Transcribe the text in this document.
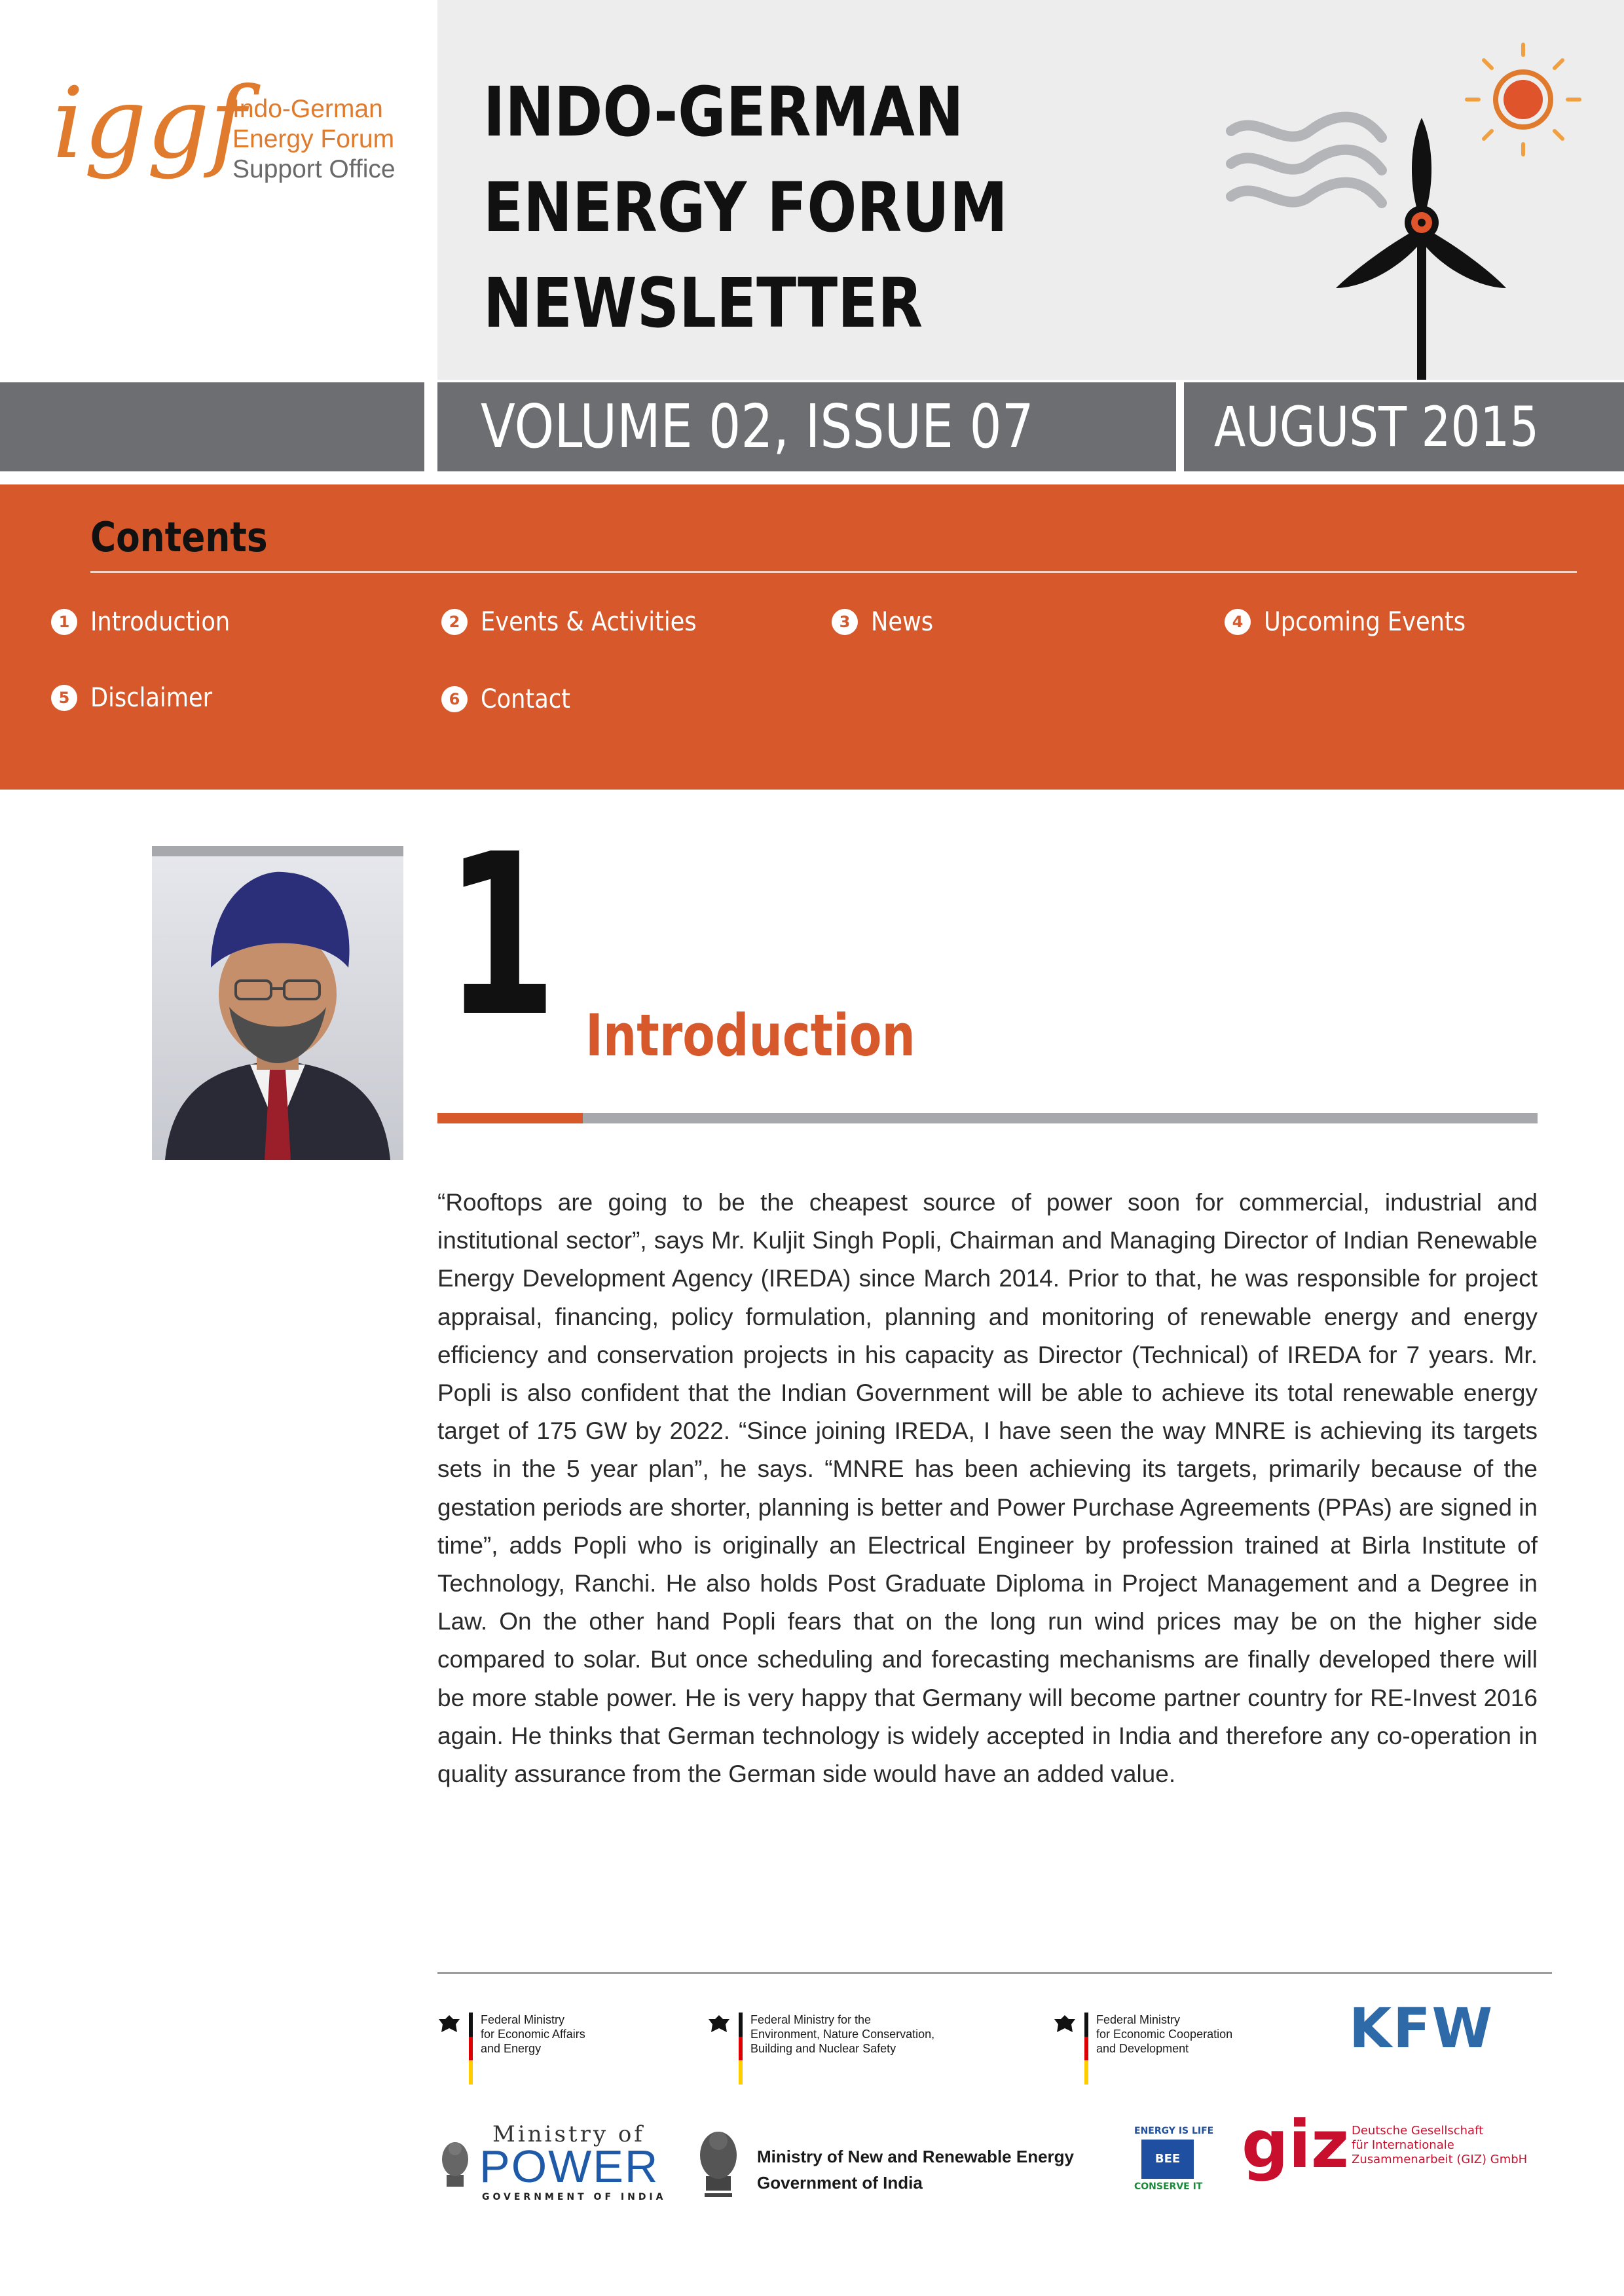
iggf
Indo-German
Energy Forum
Support Office
INDO-GERMAN
ENERGY FORUM
NEWSLETTER
VOLUME 02, ISSUE 07	AUGUST 2015
Contents
1 Introduction	2 Events & Activities	3 News	4 Upcoming Events
5 Disclaimer	6 Contact
1 Introduction
“Rooftops are going to be the cheapest source of power soon for commercial, industrial and institutional sector”, says Mr. Kuljit Singh Popli, Chairman and Managing Director of Indian Renewable Energy Development Agency (IREDA) since March 2014. Prior to that, he was responsible for project appraisal, financing, policy formulation, planning and monitoring of renewable energy and energy efficiency and conservation projects in his capacity as Director (Technical) of IREDA for 7 years. Mr. Popli is also confident that the Indian Government will be able to achieve its total renewable energy target of 175 GW by 2022. “Since joining IREDA, I have seen the way MNRE is achieving its targets sets in the 5 year plan”, he says. “MNRE has been achieving its targets, primarily because of the gestation periods are shorter, planning is better and Power Purchase Agreements (PPAs) are signed in time”, adds Popli who is originally an Electrical Engineer by profession trained at Birla Institute of Technology, Ranchi. He also holds Post Graduate Diploma in Project Management and a Degree in Law. On the other hand Popli fears that on the long run wind prices may be on the higher side compared to solar. But once scheduling and forecasting mechanisms are finally developed there will be more stable power. He is very happy that Germany will become partner country for RE-Invest 2016 again. He thinks that German technology is widely accepted in India and therefore any co-operation in quality assurance from the German side would have an added value.
Federal Ministry
for Economic Affairs
and Energy
Federal Ministry for the
Environment, Nature Conservation,
Building and Nuclear Safety
Federal Ministry
for Economic Cooperation
and Development	KFW
Ministry of
POWER
GOVERNMENT OF INDIA
Ministry of New and Renewable Energy
Government of India
ENERGY IS LIFE
BEE
CONSERVE IT
giz Deutsche Gesellschaft
für Internationale
Zusammenarbeit (GIZ) GmbH
